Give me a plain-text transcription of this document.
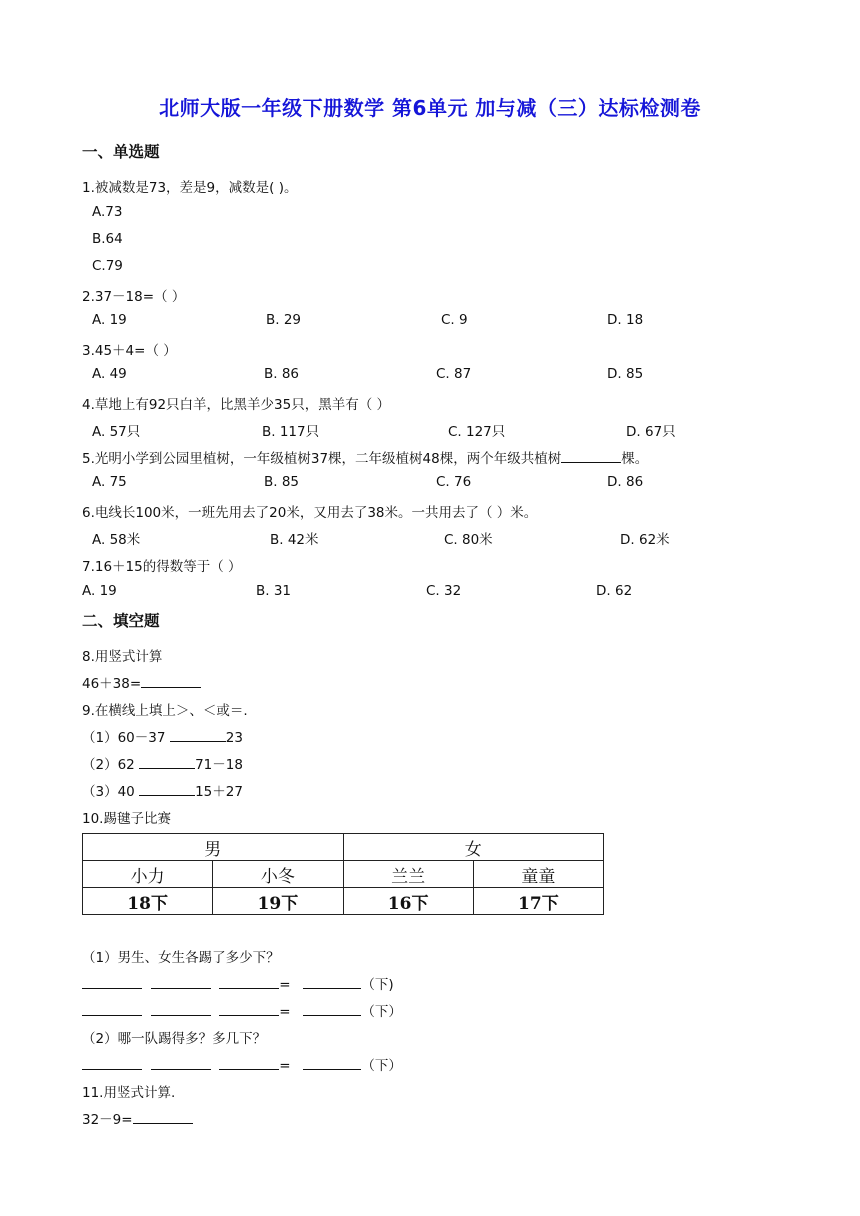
北师大版一年级下册数学 第6单元 加与减（三）达标检测卷
一、单选题
1.被减数是73，差是9，减数是( )。
A.73
B.64
C.79
2.37－18=（ ）
A. 19	B. 29	C. 9	D. 18
3.45＋4=（ ）
A. 49	B. 86	C. 87	D. 85
4.草地上有92只白羊，比黑羊少35只，黑羊有（ ）
A. 57只	B. 117只	C. 127只	D. 67只
5.光明小学到公园里植树，一年级植树37棵，二年级植树48棵，两个年级共植树	棵。
A. 75	B. 85	C. 76	D. 86
6.电线长100米，一班先用去了20米，又用去了38米。一共用去了（ ）米。
A. 58米	B. 42米	C. 80米	D. 62米
7.16＋15的得数等于（ ）
A. 19	B. 31	C. 32	D. 62
二、填空题
8.用竖式计算
46＋38=
9.在横线上填上＞、＜或＝.
（1）60－37	23
（2）62	71－18
（3）40	15＋27
10.踢毽子比赛
男		女	
小力	小冬	兰兰	童童
18下	19下	16下	17下
（1）男生、女生各踢了多少下？
=	（下)
=	（下）
（2）哪一队踢得多？多几下？
=	（下）
11.用竖式计算.
32－9=
